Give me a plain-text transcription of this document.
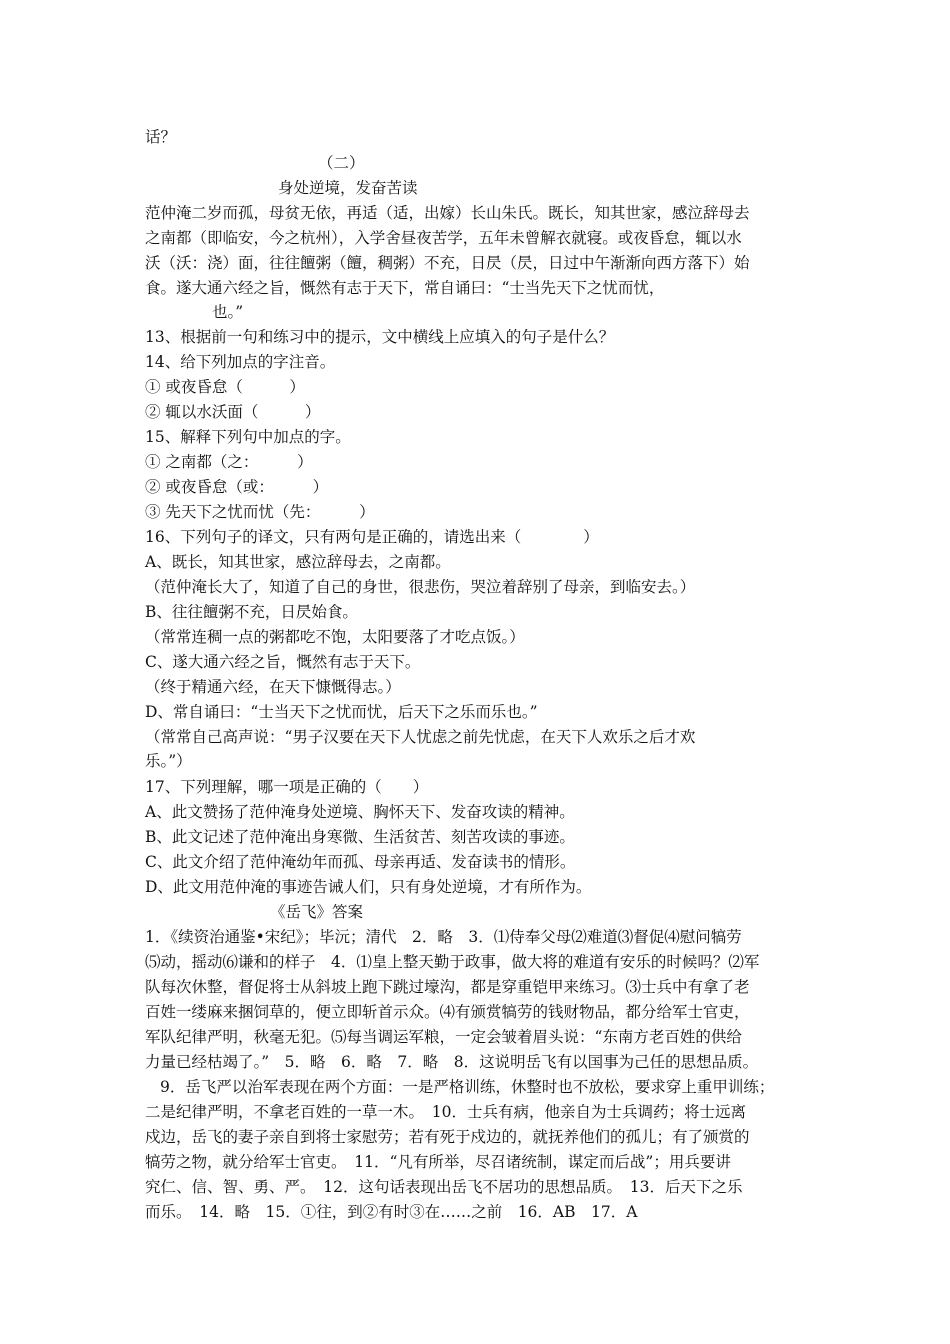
话？
（二）
身处逆境，发奋苦读
范仲淹二岁而孤，母贫无依，再适（适，出嫁）长山朱氏。既长，知其世家，感泣辞母去
之南都（即临安，今之杭州），入学舍昼夜苦学，五年未曾解衣就寝。或夜昏怠，辄以水
沃（沃：浇）面，往往饘粥（饘，稠粥）不充，日昃（昃，日过中午渐渐向西方落下）始
食。遂大通六经之旨，慨然有志于天下，常自诵曰：“士当先天下之忧而忧，
也。”
13、根据前一句和练习中的提示，文中横线上应填入的句子是什么？
14、给下列加点的字注音。
① 或夜昏怠（　　　）
② 辄以水沃面（　　　）
15、解释下列句中加点的字。
① 之南都（之：　　　）
② 或夜昏怠（或：　　　）
③ 先天下之忧而忧（先：　　　）
16、下列句子的译文，只有两句是正确的，请选出来（　　　　）
A、既长，知其世家，感泣辞母去，之南都。
（范仲淹长大了，知道了自己的身世，很悲伤，哭泣着辞别了母亲，到临安去。）
B、往往饘粥不充，日昃始食。
（常常连稠一点的粥都吃不饱，太阳要落了才吃点饭。）
C、遂大通六经之旨，慨然有志于天下。
（终于精通六经，在天下慷慨得志。）
D、常自诵曰：“士当天下之忧而忧，后天下之乐而乐也。”
（常常自己高声说：“男子汉要在天下人忧虑之前先忧虑，在天下人欢乐之后才欢
乐。”）
17、下列理解，哪一项是正确的（　　）
A、此文赞扬了范仲淹身处逆境、胸怀天下、发奋攻读的精神。
B、此文记述了范仲淹出身寒微、生活贫苦、刻苦攻读的事迹。
C、此文介绍了范仲淹幼年而孤、母亲再适、发奋读书的情形。
D、此文用范仲淹的事迹告诫人们，只有身处逆境，才有所作为。
《岳飞》答案
1．《续资治通鉴•宋纪》；毕沅；清代　2．略　3．⑴侍奉父母⑵难道⑶督促⑷慰问犒劳
⑸动，摇动⑹谦和的样子　4．⑴皇上整天勤于政事，做大将的难道有安乐的时候吗？⑵军
队每次休整，督促将士从斜坡上跑下跳过壕沟，都是穿重铠甲来练习。⑶士兵中有拿了老
百姓一缕麻来捆饲草的，便立即斩首示众。⑷有颁赏犒劳的钱财物品，都分给军士官吏，
军队纪律严明，秋毫无犯。⑸每当调运军粮，一定会皱着眉头说：“东南方老百姓的供给
力量已经枯竭了。”　5．略　6．略　7．略　8．这说明岳飞有以国事为己任的思想品质。
9．岳飞严以治军表现在两个方面：一是严格训练，休整时也不放松，要求穿上重甲训练；
二是纪律严明，不拿老百姓的一草一木。　10．士兵有病，他亲自为士兵调药；将士远离
戍边，岳飞的妻子亲自到将士家慰劳；若有死于戍边的，就抚养他们的孤儿；有了颁赏的
犒劳之物，就分给军士官吏。　11．“凡有所举，尽召诸统制，谋定而后战”；用兵要讲
究仁、信、智、勇、严。　12．这句话表现出岳飞不居功的思想品质。　13．后天下之乐
而乐。　14．略　15．①往，到②有时③在……之前　16．AB　17．A
